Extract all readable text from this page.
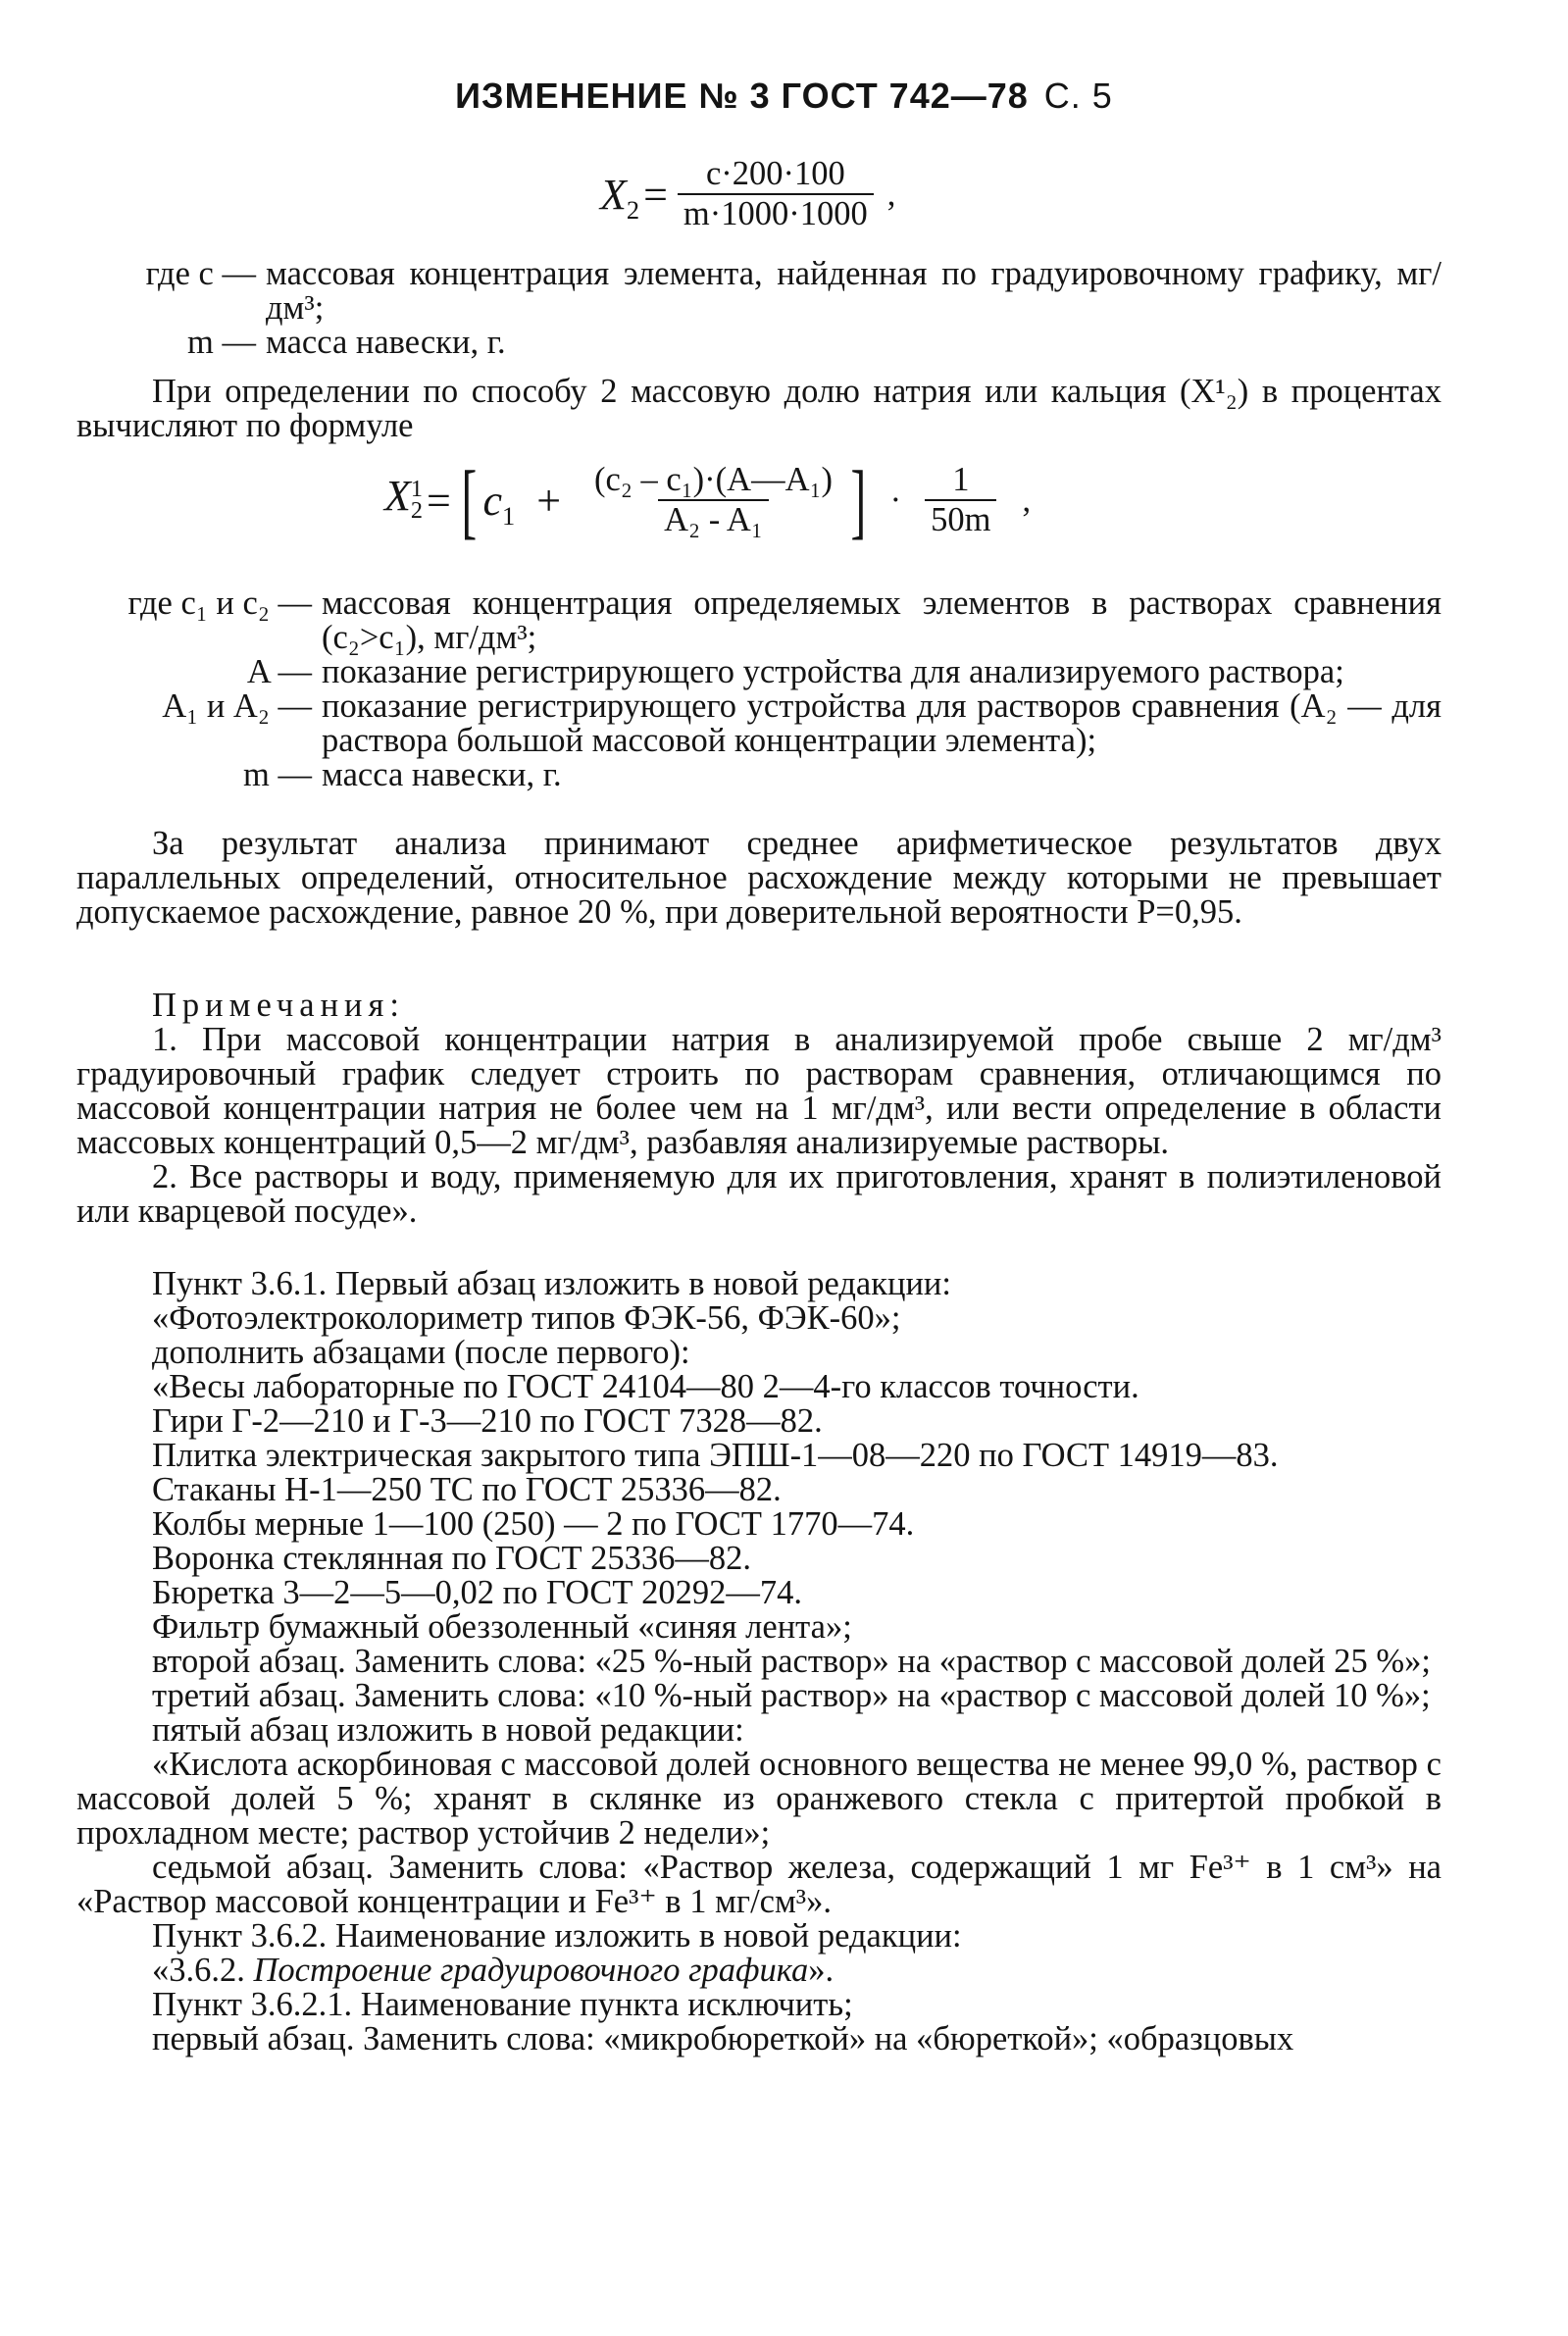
ИЗМЕНЕНИЕ № 3 ГОСТ 742—78 С. 5
$X_2 = \frac{c\cdot 200\cdot 100}{m\cdot 1000\cdot 1000}$ ,
где c — массовая концентрация элемента, найденная по градуировочному графику, мг/дм³;
m — масса навески, г.
При определении по способу 2 массовую долю натрия или кальция (X¹₂) в процентах вычисляют по формуле
X 1
2 = [ $c_1 + \frac{\text{(c₂ – c₁)·(A—A₁)}}{\text{A₂ - A₁}}$ ] · $\frac{1}{50m}$ ,
где c₁ и c₂ — массовая концентрация определяемых элементов в растворах сравнения (c₂>c₁), мг/дм³;
A — показание регистрирующего устройства для анализируемого раствора;
A₁ и A₂ — показание регистрирующего устройства для растворов сравнения (A₂ — для раствора большой массовой концентрации элемента);
m — масса навески, г.
За результат анализа принимают среднее арифметическое результатов двух параллельных определений, относительное расхождение между которыми не превышает допускаемое расхождение, равное 20 %, при доверительной вероятности P=0,95.
Примечания:
1. При массовой концентрации натрия в анализируемой пробе свыше 2 мг/дм³ градуировочный график следует строить по растворам сравнения, отличающимся по массовой концентрации натрия не более чем на 1 мг/дм³, или вести определение в области массовых концентраций 0,5—2 мг/дм³, разбавляя анализируемые растворы.
2. Все растворы и воду, применяемую для их приготовления, хранят в полиэтиленовой или кварцевой посуде».
Пункт 3.6.1. Первый абзац изложить в новой редакции:
«Фотоэлектроколориметр типов ФЭК-56, ФЭК-60»;
дополнить абзацами (после первого):
«Весы лабораторные по ГОСТ 24104—80 2—4-го классов точности.
Гири Г-2—210 и Г-3—210 по ГОСТ 7328—82.
Плитка электрическая закрытого типа ЭПШ-1—08—220 по ГОСТ 14919—83.
Стаканы Н-1—250 ТС по ГОСТ 25336—82.
Колбы мерные 1—100 (250) — 2 по ГОСТ 1770—74.
Воронка стеклянная по ГОСТ 25336—82.
Бюретка 3—2—5—0,02 по ГОСТ 20292—74.
Фильтр бумажный обеззоленный «синяя лента»;
второй абзац. Заменить слова: «25 %-ный раствор» на «раствор с массовой долей 25 %»;
третий абзац. Заменить слова: «10 %-ный раствор» на «раствор с массовой долей 10 %»;
пятый абзац изложить в новой редакции:
«Кислота аскорбиновая с массовой долей основного вещества не менее 99,0 %, раствор с массовой долей 5 %; хранят в склянке из оранжевого стекла с притертой пробкой в прохладном месте; раствор устойчив 2 недели»;
седьмой абзац. Заменить слова: «Раствор железа, содержащий 1 мг Fe³⁺ в 1 см³» на «Раствор массовой концентрации и Fe³⁺ в 1 мг/см³».
Пункт 3.6.2. Наименование изложить в новой редакции:
«3.6.2. Построение градуировочного графика».
Пункт 3.6.2.1. Наименование пункта исключить;
первый абзац. Заменить слова: «микробюреткой» на «бюреткой»; «образцовых
